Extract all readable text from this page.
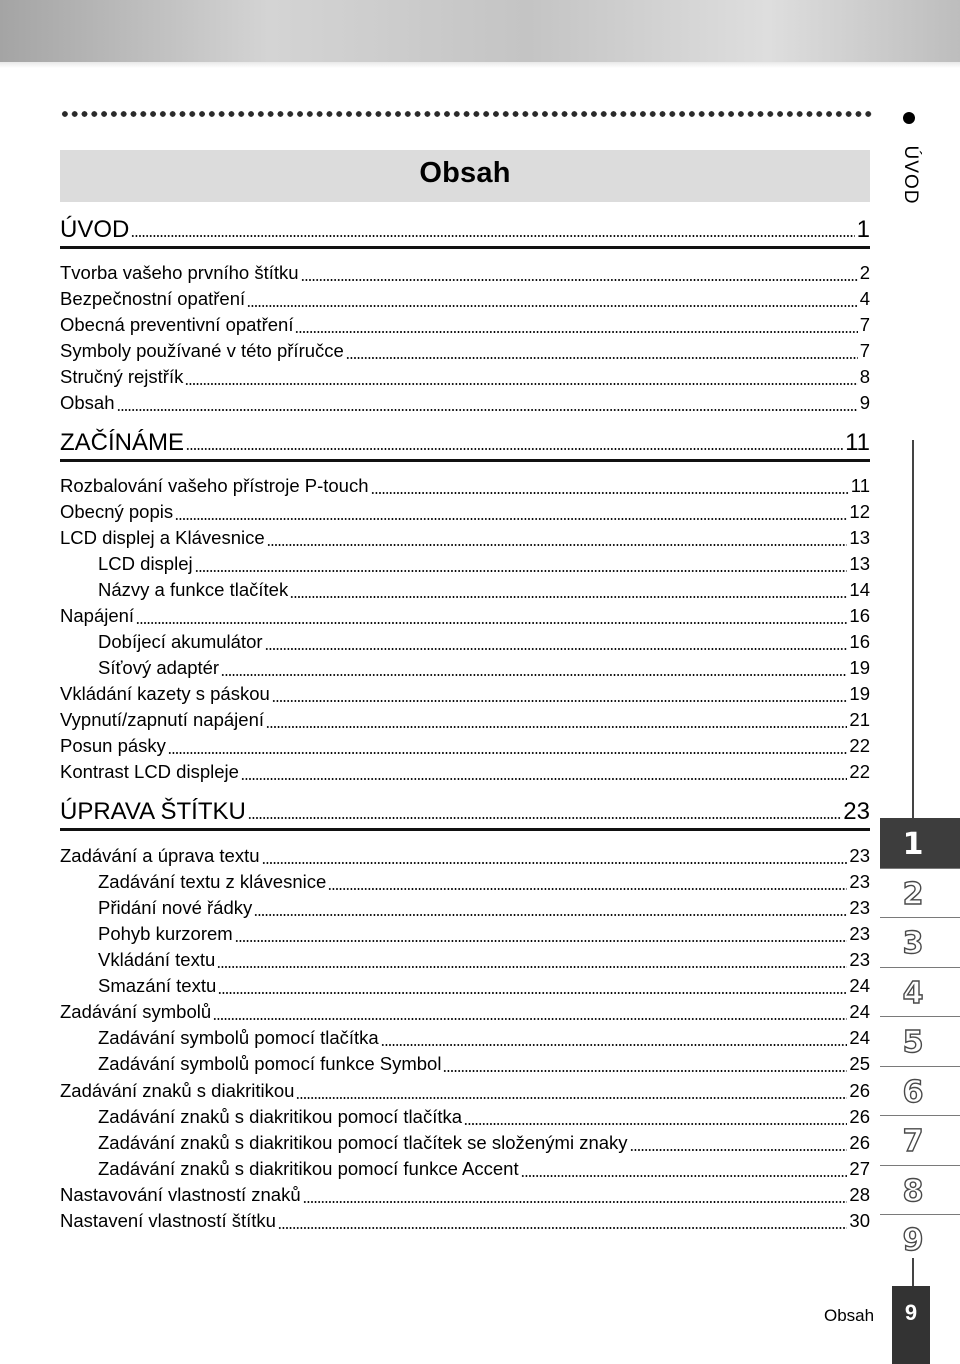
Obsah
ÚVOD	1
Tvorba vašeho prvního štítku	2
Bezpečnostní opatření	4
Obecná preventivní opatření	7
Symboly používané v této příručce	7
Stručný rejstřík	8
Obsah	9
ZAČÍNÁME	11
Rozbalování vašeho přístroje P-touch	11
Obecný popis	12
LCD displej a Klávesnice	13
LCD displej	13
Názvy a funkce tlačítek	14
Napájení	16
Dobíjecí akumulátor	16
Síťový adaptér	19
Vkládání kazety s páskou	19
Vypnutí/zapnutí napájení	21
Posun pásky	22
Kontrast LCD displeje	22
ÚPRAVA ŠTÍTKU	23
Zadávání a úprava textu	23
Zadávání textu z klávesnice	23
Přidání nové řádky	23
Pohyb kurzorem	23
Vkládání textu	23
Smazání textu	24
Zadávání symbolů	24
Zadávání symbolů pomocí tlačítka	24
Zadávání symbolů pomocí funkce Symbol	25
Zadávání znaků s diakritikou	26
Zadávání znaků s diakritikou pomocí tlačítka	26
Zadávání znaků s diakritikou pomocí tlačítek se složenými znaky	26
Zadávání znaků s diakritikou pomocí funkce Accent	27
Nastavování vlastností znaků	28
Nastavení vlastností štítku	30
ÚVOD
1
2
3
4
5
6
7
8
9
Obsah	9
